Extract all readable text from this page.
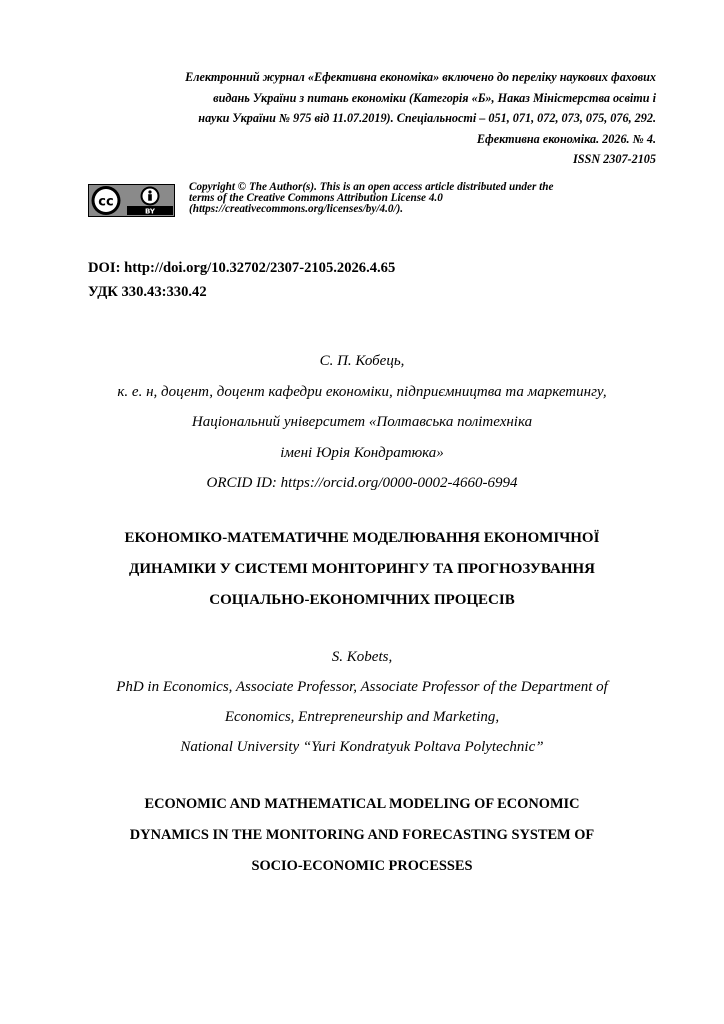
Електронний журнал «Ефективна економіка» включено до переліку наукових фахових
видань України з питань економіки (Категорія «Б», Наказ Міністерства освіти і
науки України № 975 від 11.07.2019). Спеціальності – 051, 071, 072, 073, 075, 076, 292.
Ефективна економіка. 2026. № 4.
ISSN 2307-2105
cc
BY
Copyright © The Author(s). This is an open access article distributed under the
terms of the Creative Commons Attribution License 4.0
(https://creativecommons.org/licenses/by/4.0/).
DOI: http://doi.org/10.32702/2307-2105.2026.4.65
УДК 330.43:330.42
С. П. Кобець,
к. е. н, доцент, доцент кафедри економіки, підприємництва та маркетингу,
Національний університет «Полтавська політехніка
імені Юрія Кондратюка»
ORCID ID: https://orcid.org/0000-0002-4660-6994
ЕКОНОМІКО-МАТЕМАТИЧНЕ МОДЕЛЮВАННЯ ЕКОНОМІЧНОЇ
ДИНАМІКИ У СИСТЕМІ МОНІТОРИНГУ ТА ПРОГНОЗУВАННЯ
СОЦІАЛЬНО-ЕКОНОМІЧНИХ ПРОЦЕСІВ
S. Kobets,
PhD in Economics, Associate Professor, Associate Professor of the Department of
Economics, Entrepreneurship and Marketing,
National University “Yuri Kondratyuk Poltava Polytechnic”
ECONOMIC AND MATHEMATICAL MODELING OF ECONOMIC
DYNAMICS IN THE MONITORING AND FORECASTING SYSTEM OF
SOCIO-ECONOMIC PROCESSES
